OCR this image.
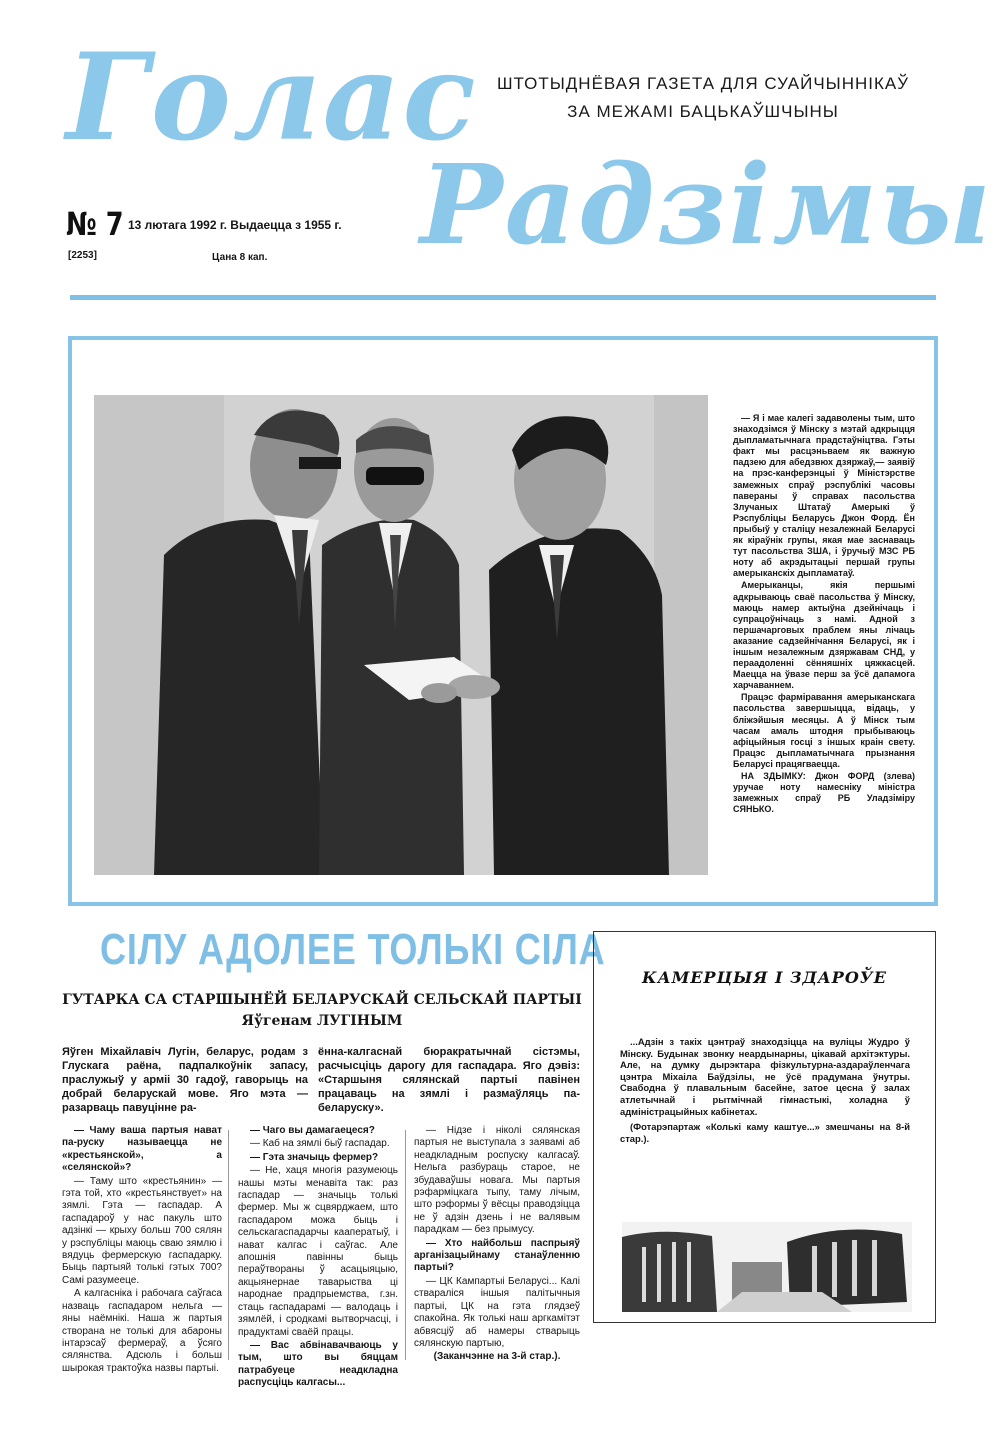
Голас
Радзімы
ШТОТЫДНЁВАЯ ГАЗЕТА ДЛЯ СУАЙЧЫННІКАЎ
ЗА МЕЖАМІ БАЦЬКАЎШЧЫНЫ
№ 7 13 лютага 1992 г. Выдаецца з 1955 г.
[2253]	Цана 8 кап.

— Я і мае калегі задаволены тым, што знаходзімся ў Мінску з мэтай адкрыцця дыпламатычнага прадстаўніцтва. Гэты факт мы расцэньваем як важную падзею для абедзвюх дзяржаў,— заявіў на прэс-канферэнцыі ў Міністэрстве замежных спраў рэспублікі часовы павераны ў справах пасольства Злучаных Штатаў Амерыкі ў Рэспубліцы Беларусь Джон Форд. Ён прыбыў у сталіцу незалежнай Беларусі як кіраўнік групы, якая мае заснаваць тут пасольства ЗША, і ўручыў МЗС РБ ноту аб акрэдытацыі першай групы амерыканскіх дыпламатаў.

Амерыканцы, якія першымі адкрываюць сваё пасольства ў Мінску, маюць намер актыўна дзейнічаць і супрацоўнічаць з намі. Адной з першачарговых праблем яны лічаць аказание садзейнічання Беларусі, як і іншым незалежным дзяржавам СНД, у пераадоленні сённяшніх цяжкасцей. Маецца на ўвазе перш за ўсё дапамога харчаваннем.

Працэс фарміравання амерыканскага пасольства завершыцца, відаць, у бліжэйшыя месяцы. А ў Мінск тым часам амаль штодня прыбываюць афіцыйныя госці з іншых краін свету. Працэс дыпламатычнага прызнання Беларусі працягваецца.

НА ЗДЫМКУ: Джон ФОРД (злева) уручае ноту намесніку міністра замежных спраў РБ Уладзіміру СЯНЬКО.

СІЛУ АДОЛЕЕ ТОЛЬКІ СІЛА
ГУТАРКА СА СТАРШЫНЁЙ БЕЛАРУСКАЙ СЕЛЬСКАЙ ПАРТЫІ Яўгенам ЛУГІНЫМ
Яўген Міхайлавіч Лугін, беларус, родам з Глускага раёна, падпалкоўнік запасу, праслужыў у арміі 30 гадоў, гаворыць на добрай беларускай мове. Яго мэта — разарваць павуціннe ра-
ённа-калгаснай бюракратычнай сістэмы, расчысціць дарогу для гаспадара. Яго дэвіз: «Старшыня сялянскай партыі павінен працаваць на зямлі і размаўляць па-беларуску».

— Чаму ваша партыя нават па-руску называецца не «крестьянской», а «селянской»?

— Таму што «крестьянин» — гэта той, хто «крестьянствует» на зямлі. Гэта — гаспадар. А гаспадароў у нас пакуль што адзінкі — крыху больш 700 сялян у рэспубліцы маюць сваю зямлю і вядуць фермерскую гаспадарку. Быць партыяй толькі гэтых 700? Самі разумееце.

А калгасніка і рабочага саўгаса назваць гаспадаром нельга — яны наёмнікі. Наша ж партыя створана не толькі для абароны інтарэсаў фермераў, а ўсяго сялянства. Адсюль і больш шырокая трактоўка назвы партыі.

— Чаго вы дамагаецеся?

— Каб на зямлі быў гаспадар.

— Гэта значыць фермер?

— Не, хаця многія разумеюць нашы мэты менавіта так: раз гаспадар — значыць толькі фермер. Мы ж сцвярджаем, што гаспадаром можа быць і сельскагаспадарчы кааператыў, і нават калгас і саўгас. Але апошнія павінны быць пераўтвораны ў асацыяцыю, акцыянернае таварыства ці народнае прадпрыемства, г.зн. стаць гаспадарамі — валодаць і зямлёй, і сродкамі вытворчасці, і прадуктамі сваёй працы.

— Вас абвінавачваюць у тым, што вы бяццам патрабуеце неадкладна распусціць калгасы...

— Нідзе і ніколі сялянская партыя не выступала з заявамі аб неадкладным роспуску калгасаў. Нельга разбураць старое, не збудаваўшы новага. Мы партыя рэфарміцкага тыпу, таму лічым, што рэформы ў вёсцы праводзіцца не ў адзін дзень і не валявым парадкам — без прымусу.

— Хто найбольш паспрыяў арганізацыйнаму станаўленню партыі?

— ЦК Кампартыі Беларусі... Калі ствараліся іншыя палітычныя партыі, ЦК на гэта глядзеў спакойна. Як толькі наш аргкамітэт абвясціў аб намеры стварыць сялянскую партыю,

(Заканчэнне на 3-й стар.).

КАМЕРЦЫЯ І ЗДАРОЎЕ

...Адзін з такіх цэнтраў знаходзіцца на вуліцы Жудро ў Мінску. Будынак звонку неардынарны, цікавай архітэктуры. Але, на думку дырэктара фізкультурна-аздараўленчага цэнтра Міхаіла Баўдзілы, не ўсё прадумана ўнутры. Свабодна ў плавальным басейне, затое цесна ў залах атлетычнай і рытмічнай гімнастыкі, холадна ў адміністрацыйных кабінетах.

(Фотарэпартаж «Колькі каму каштуе...» змешчаны на 8-й стар.).
